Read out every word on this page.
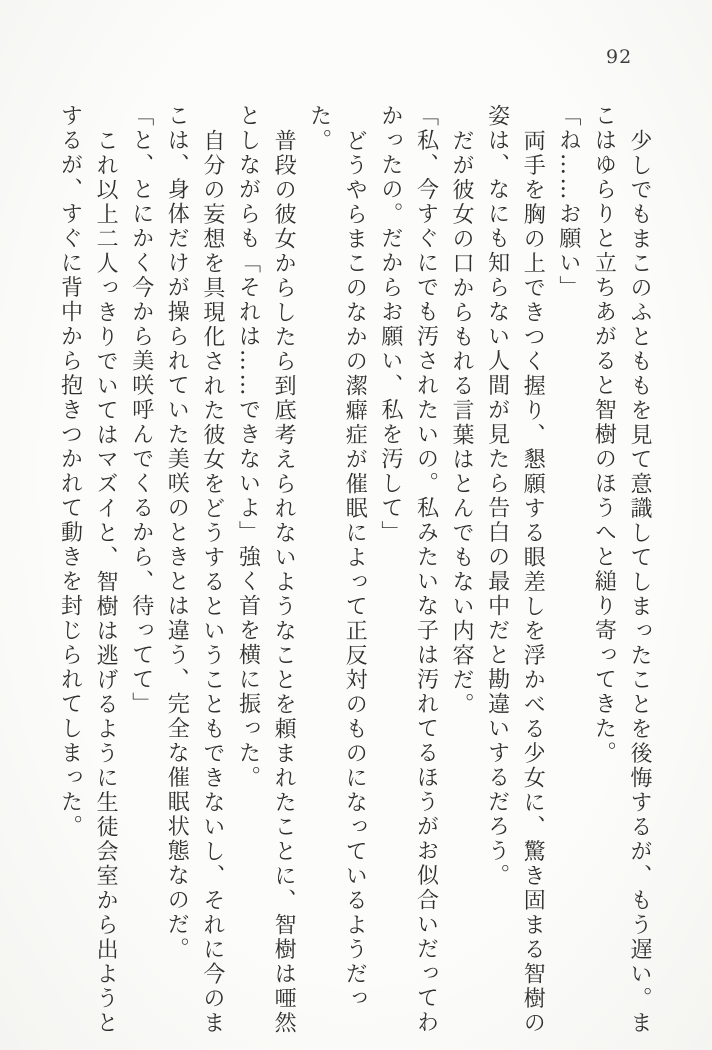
92
少しでもまこのふとももを見て意識してしまったことを後悔するが、もう遅い。ま
こはゆらりと立ちあがると智樹のほうへと縋り寄ってきた。
「ね……お願い」
両手を胸の上できつく握り、懇願する眼差しを浮かべる少女に、驚き固まる智樹の
姿は、なにも知らない人間が見たら告白の最中だと勘違いするだろう。
だが彼女の口からもれる言葉はとんでもない内容だ。
「私、今すぐにでも汚されたいの。私みたいな子は汚れてるほうがお似合いだってわ
かったの。だからお願い、私を汚して」
どうやらまこのなかの潔癖症が催眠によって正反対のものになっているようだっ
た。
普段の彼女からしたら到底考えられないようなことを頼まれたことに、智樹は唖然
としながらも「それは……できないよ」強く首を横に振った。
自分の妄想を具現化された彼女をどうするということもできないし、それに今のま
こは、身体だけが操られていた美咲のときとは違う、完全な催眠状態なのだ。
「と、とにかく今から美咲呼んでくるから、待ってて」
これ以上二人っきりでいてはマズイと、智樹は逃げるように生徒会室から出ようと
するが、すぐに背中から抱きつかれて動きを封じられてしまった。
